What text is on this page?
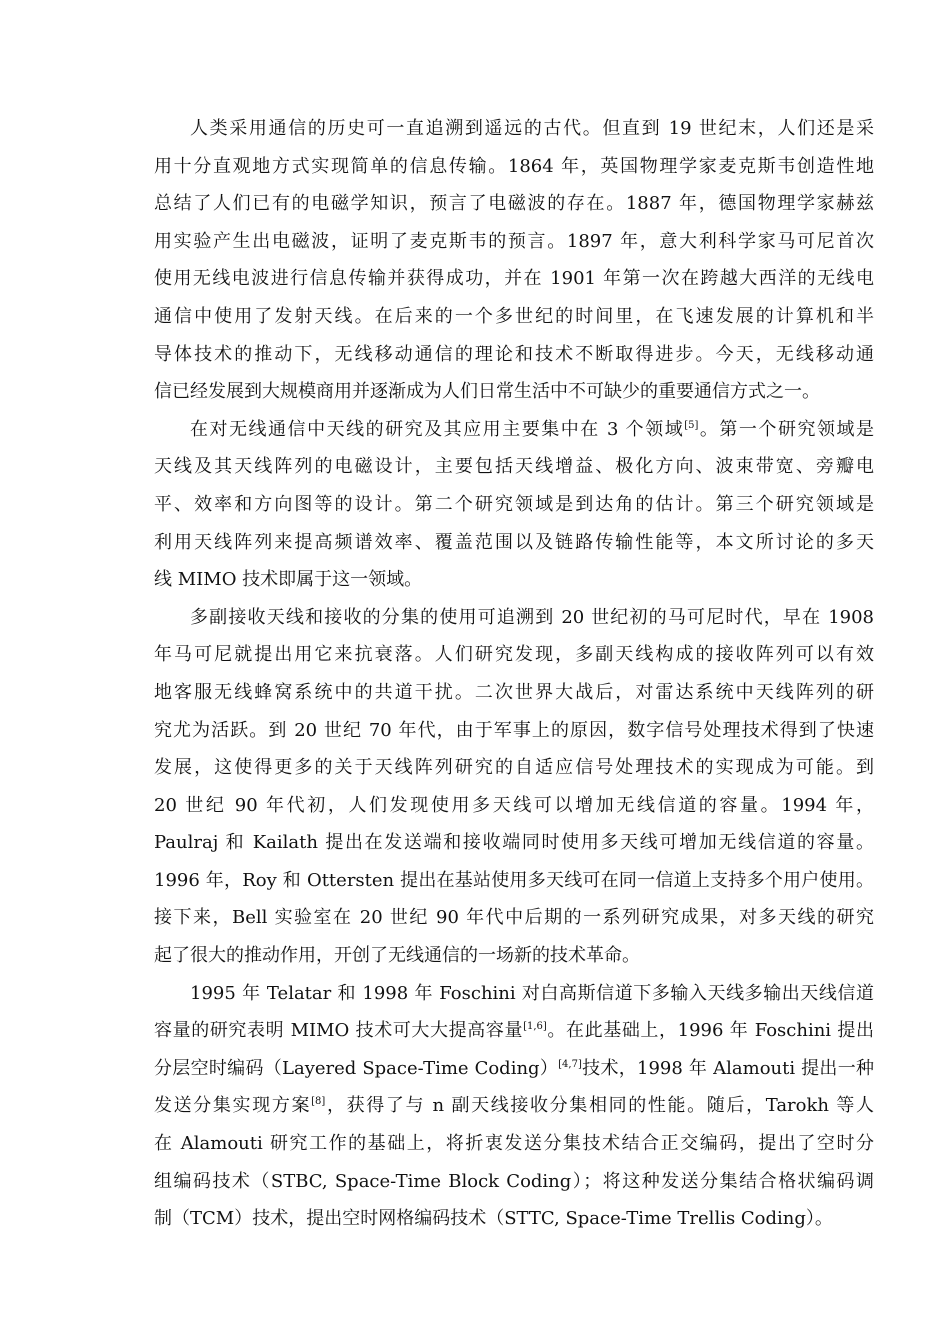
人类采用通信的历史可一直追溯到遥远的古代。但直到 19 世纪末，人们还是采
用十分直观地方式实现简单的信息传输。1864 年，英国物理学家麦克斯韦创造性地
总结了人们已有的电磁学知识，预言了电磁波的存在。1887 年，德国物理学家赫兹
用实验产生出电磁波，证明了麦克斯韦的预言。1897 年，意大利科学家马可尼首次
使用无线电波进行信息传输并获得成功，并在 1901 年第一次在跨越大西洋的无线电
通信中使用了发射天线。在后来的一个多世纪的时间里，在飞速发展的计算机和半
导体技术的推动下，无线移动通信的理论和技术不断取得进步。今天，无线移动通
信已经发展到大规模商用并逐渐成为人们日常生活中不可缺少的重要通信方式之一。
在对无线通信中天线的研究及其应用主要集中在 3 个领域[5]。第一个研究领域是
天线及其天线阵列的电磁设计，主要包括天线增益、极化方向、波束带宽、旁瓣电
平、效率和方向图等的设计。第二个研究领域是到达角的估计。第三个研究领域是
利用天线阵列来提高频谱效率、覆盖范围以及链路传输性能等，本文所讨论的多天
线 MIMO 技术即属于这一领域。
多副接收天线和接收的分集的使用可追溯到 20 世纪初的马可尼时代，早在 1908
年马可尼就提出用它来抗衰落。人们研究发现，多副天线构成的接收阵列可以有效
地客服无线蜂窝系统中的共道干扰。二次世界大战后，对雷达系统中天线阵列的研
究尤为活跃。到 20 世纪 70 年代，由于军事上的原因，数字信号处理技术得到了快速
发展，这使得更多的关于天线阵列研究的自适应信号处理技术的实现成为可能。到
20 世纪 90 年代初，人们发现使用多天线可以增加无线信道的容量。1994 年，
Paulraj 和 Kailath 提出在发送端和接收端同时使用多天线可增加无线信道的容量。
1996 年，Roy 和 Ottersten 提出在基站使用多天线可在同一信道上支持多个用户使用。
接下来，Bell 实验室在 20 世纪 90 年代中后期的一系列研究成果，对多天线的研究
起了很大的推动作用，开创了无线通信的一场新的技术革命。
1995 年 Telatar 和 1998 年 Foschini 对白高斯信道下多输入天线多输出天线信道
容量的研究表明 MIMO 技术可大大提高容量[1,6]。在此基础上，1996 年 Foschini 提出
分层空时编码（Layered Space-Time Coding）[4,7]技术，1998 年 Alamouti 提出一种
发送分集实现方案[8]，获得了与 n 副天线接收分集相同的性能。随后，Tarokh 等人
在 Alamouti 研究工作的基础上，将折衷发送分集技术结合正交编码，提出了空时分
组编码技术（STBC, Space-Time Block Coding）；将这种发送分集结合格状编码调
制（TCM）技术，提出空时网格编码技术（STTC, Space-Time Trellis Coding）。
